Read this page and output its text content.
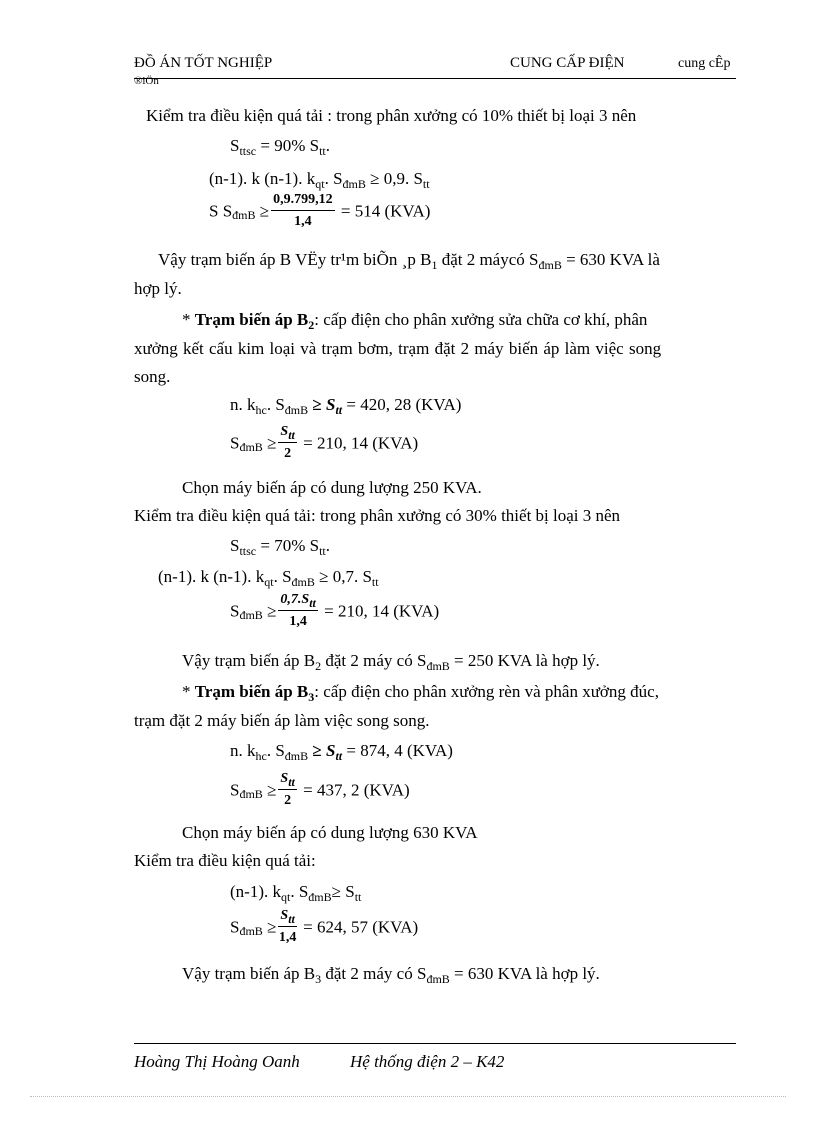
ĐỒ ÁN TỐT NGHIỆP	CUNG CẤP ĐIỆN	cung cÊp
®iÖn
Kiểm tra điều kiện quá tải : trong phân xưởng có 10% thiết bị loại 3 nên
$S_{ttsc} = 90\%$ $S_{tt}$.
(n-1). k (n-1). $k_{qt}$. $S_{đmB} \ge 0,9$. $S_{tt}$
S $S_{đmB} \ge \frac{0,9.799,12}{1,4} = 514$ (KVA)
Vậy trạm biến áp B VËy tr¹m biÕn ¸p $B_1$ đặt 2 máycó $S_{đmB} = 630$ KVA là
hợp lý.
* Trạm biến áp $B_2$: cấp điện cho phân xưởng sửa chữa cơ khí, phân
xưởng kết cấu kim loại và trạm bơm, trạm đặt 2 máy biến áp làm việc song
song.
n. $k_{hc}$. $S_{đmB} \ge S_{tt} = 420$, 28 (KVA)
$S_{đmB} \ge \frac{S_{tt}}{2} = 210$, 14 (KVA)
Chọn máy biến áp có dung lượng 250 KVA.
Kiểm tra điều kiện quá tải: trong phân xưởng có 30% thiết bị loại 3 nên
$S_{ttsc} = 70\%$ $S_{tt}$.
(n-1). k (n-1). $k_{qt}$. $S_{đmB} \ge 0,7$. $S_{tt}$
$S_{đmB} \ge \frac{0,7.S_{tt}}{1,4} = 210$, 14 (KVA)
Vậy trạm biến áp $B_2$ đặt 2 máy có $S_{đmB} = 250$ KVA là hợp lý.
* Trạm biến áp $B_3$: cấp điện cho phân xưởng rèn và phân xưởng đúc,
trạm đặt 2 máy biến áp làm việc song song.
n. $k_{hc}$. $S_{đmB} \ge S_{tt} = 874$, 4 (KVA)
$S_{đmB} \ge \frac{S_{tt}}{2} = 437$, 2 (KVA)
Chọn máy biến áp có dung lượng 630 KVA
Kiểm tra điều kiện quá tải:
(n-1). $k_{qt}$. $S_{đmB}\ge S_{tt}$
$S_{đmB} \ge \frac{S_{tt}}{1,4} = 624$, 57 (KVA)
Vậy trạm biến áp $B_3$ đặt 2 máy có $S_{đmB} = 630$ KVA là hợp lý.
Hoàng Thị Hoàng Oanh	Hệ thống điện 2 – K42
